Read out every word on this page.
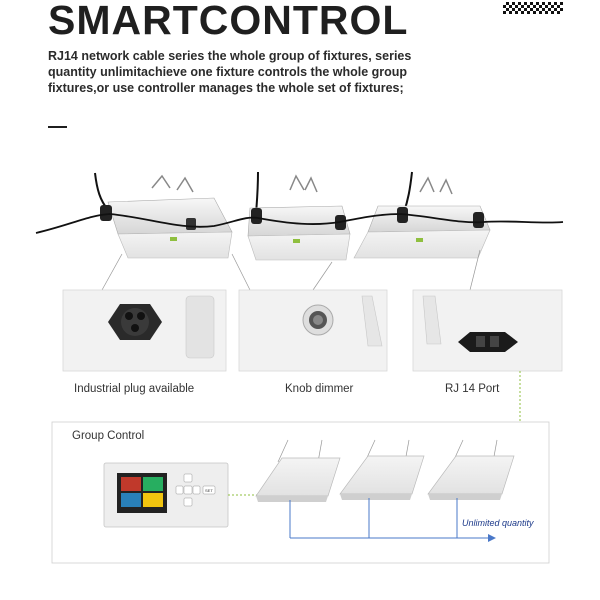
SMARTCONTROL

RJ14 network cable series the whole group of fixtures, series quantity unlimitachieve one fixture controls the whole group fixtures,or use controller manages the whole set of fixtures;

SET
Industrial plug available	Knob dimmer	RJ 14 Port
Group Control
Unlimited quantity
